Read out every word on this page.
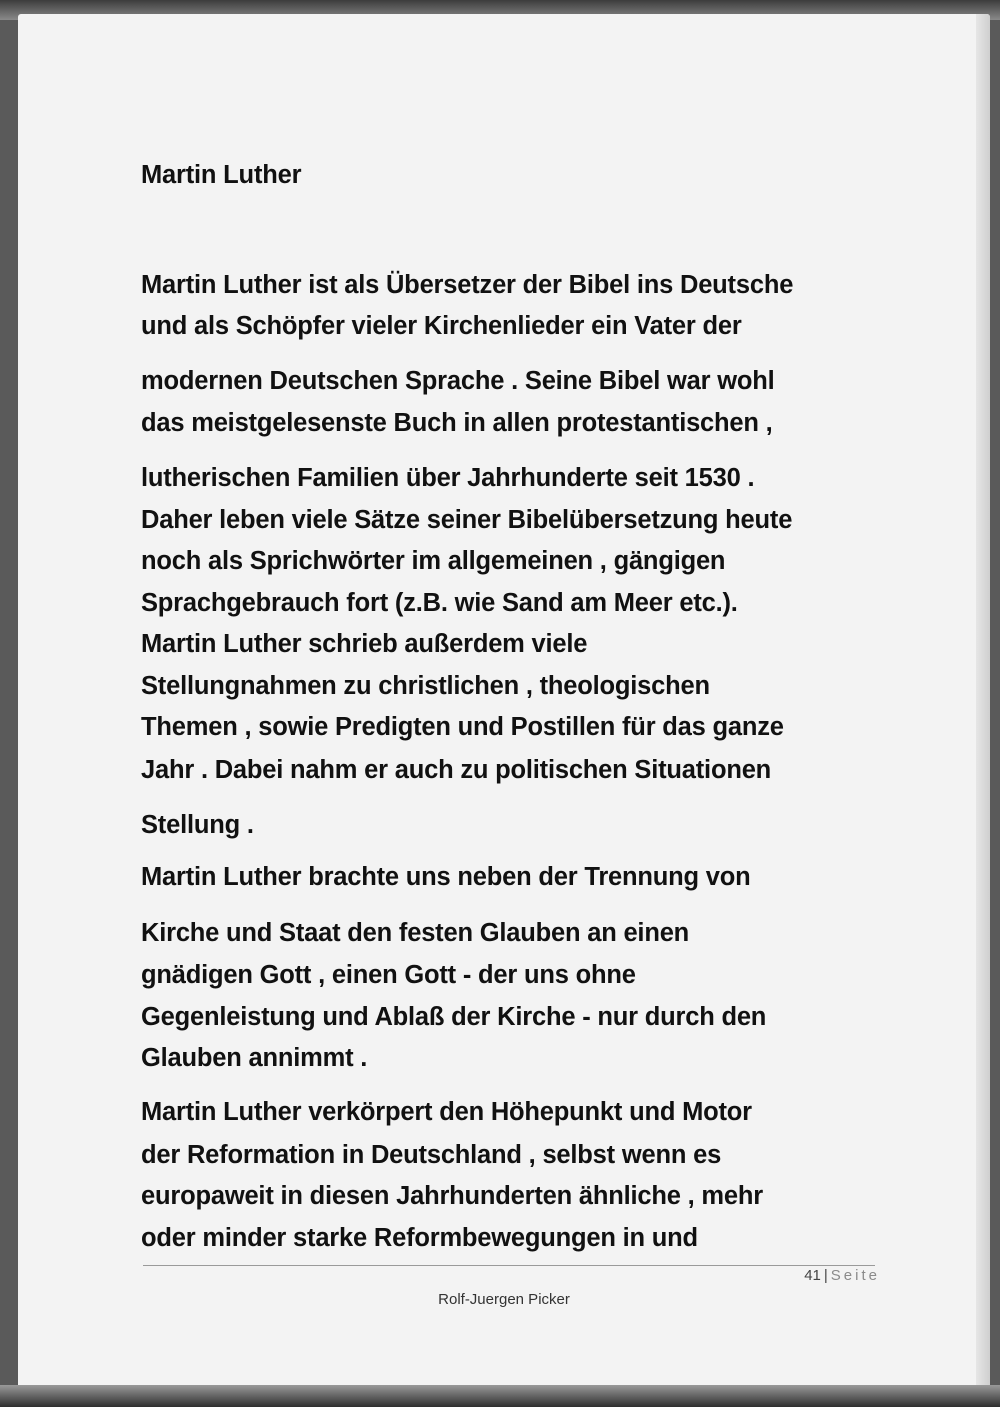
Martin Luther
Martin Luther ist als Übersetzer der Bibel ins Deutsche
und als Schöpfer vieler Kirchenlieder ein Vater der
modernen Deutschen Sprache . Seine Bibel war wohl
das meistgelesenste Buch in allen protestantischen ,
lutherischen Familien über Jahrhunderte seit 1530 .
Daher leben viele Sätze seiner Bibelübersetzung heute
noch als Sprichwörter im allgemeinen , gängigen
Sprachgebrauch fort (z.B. wie Sand am Meer etc.).
Martin Luther schrieb außerdem viele
Stellungnahmen zu christlichen , theologischen
Themen , sowie Predigten und Postillen für das ganze
Jahr . Dabei nahm er auch zu politischen Situationen
Stellung .
Martin Luther brachte uns neben der Trennung von
Kirche und Staat den festen Glauben an einen
gnädigen Gott , einen Gott - der uns ohne
Gegenleistung und Ablaß der Kirche - nur durch den
Glauben annimmt .
Martin Luther verkörpert den Höhepunkt und Motor
der Reformation in Deutschland , selbst wenn es
europaweit in diesen Jahrhunderten ähnliche , mehr
oder minder starke Reformbewegungen in und
41 | Seite
Rolf-Juergen Picker
